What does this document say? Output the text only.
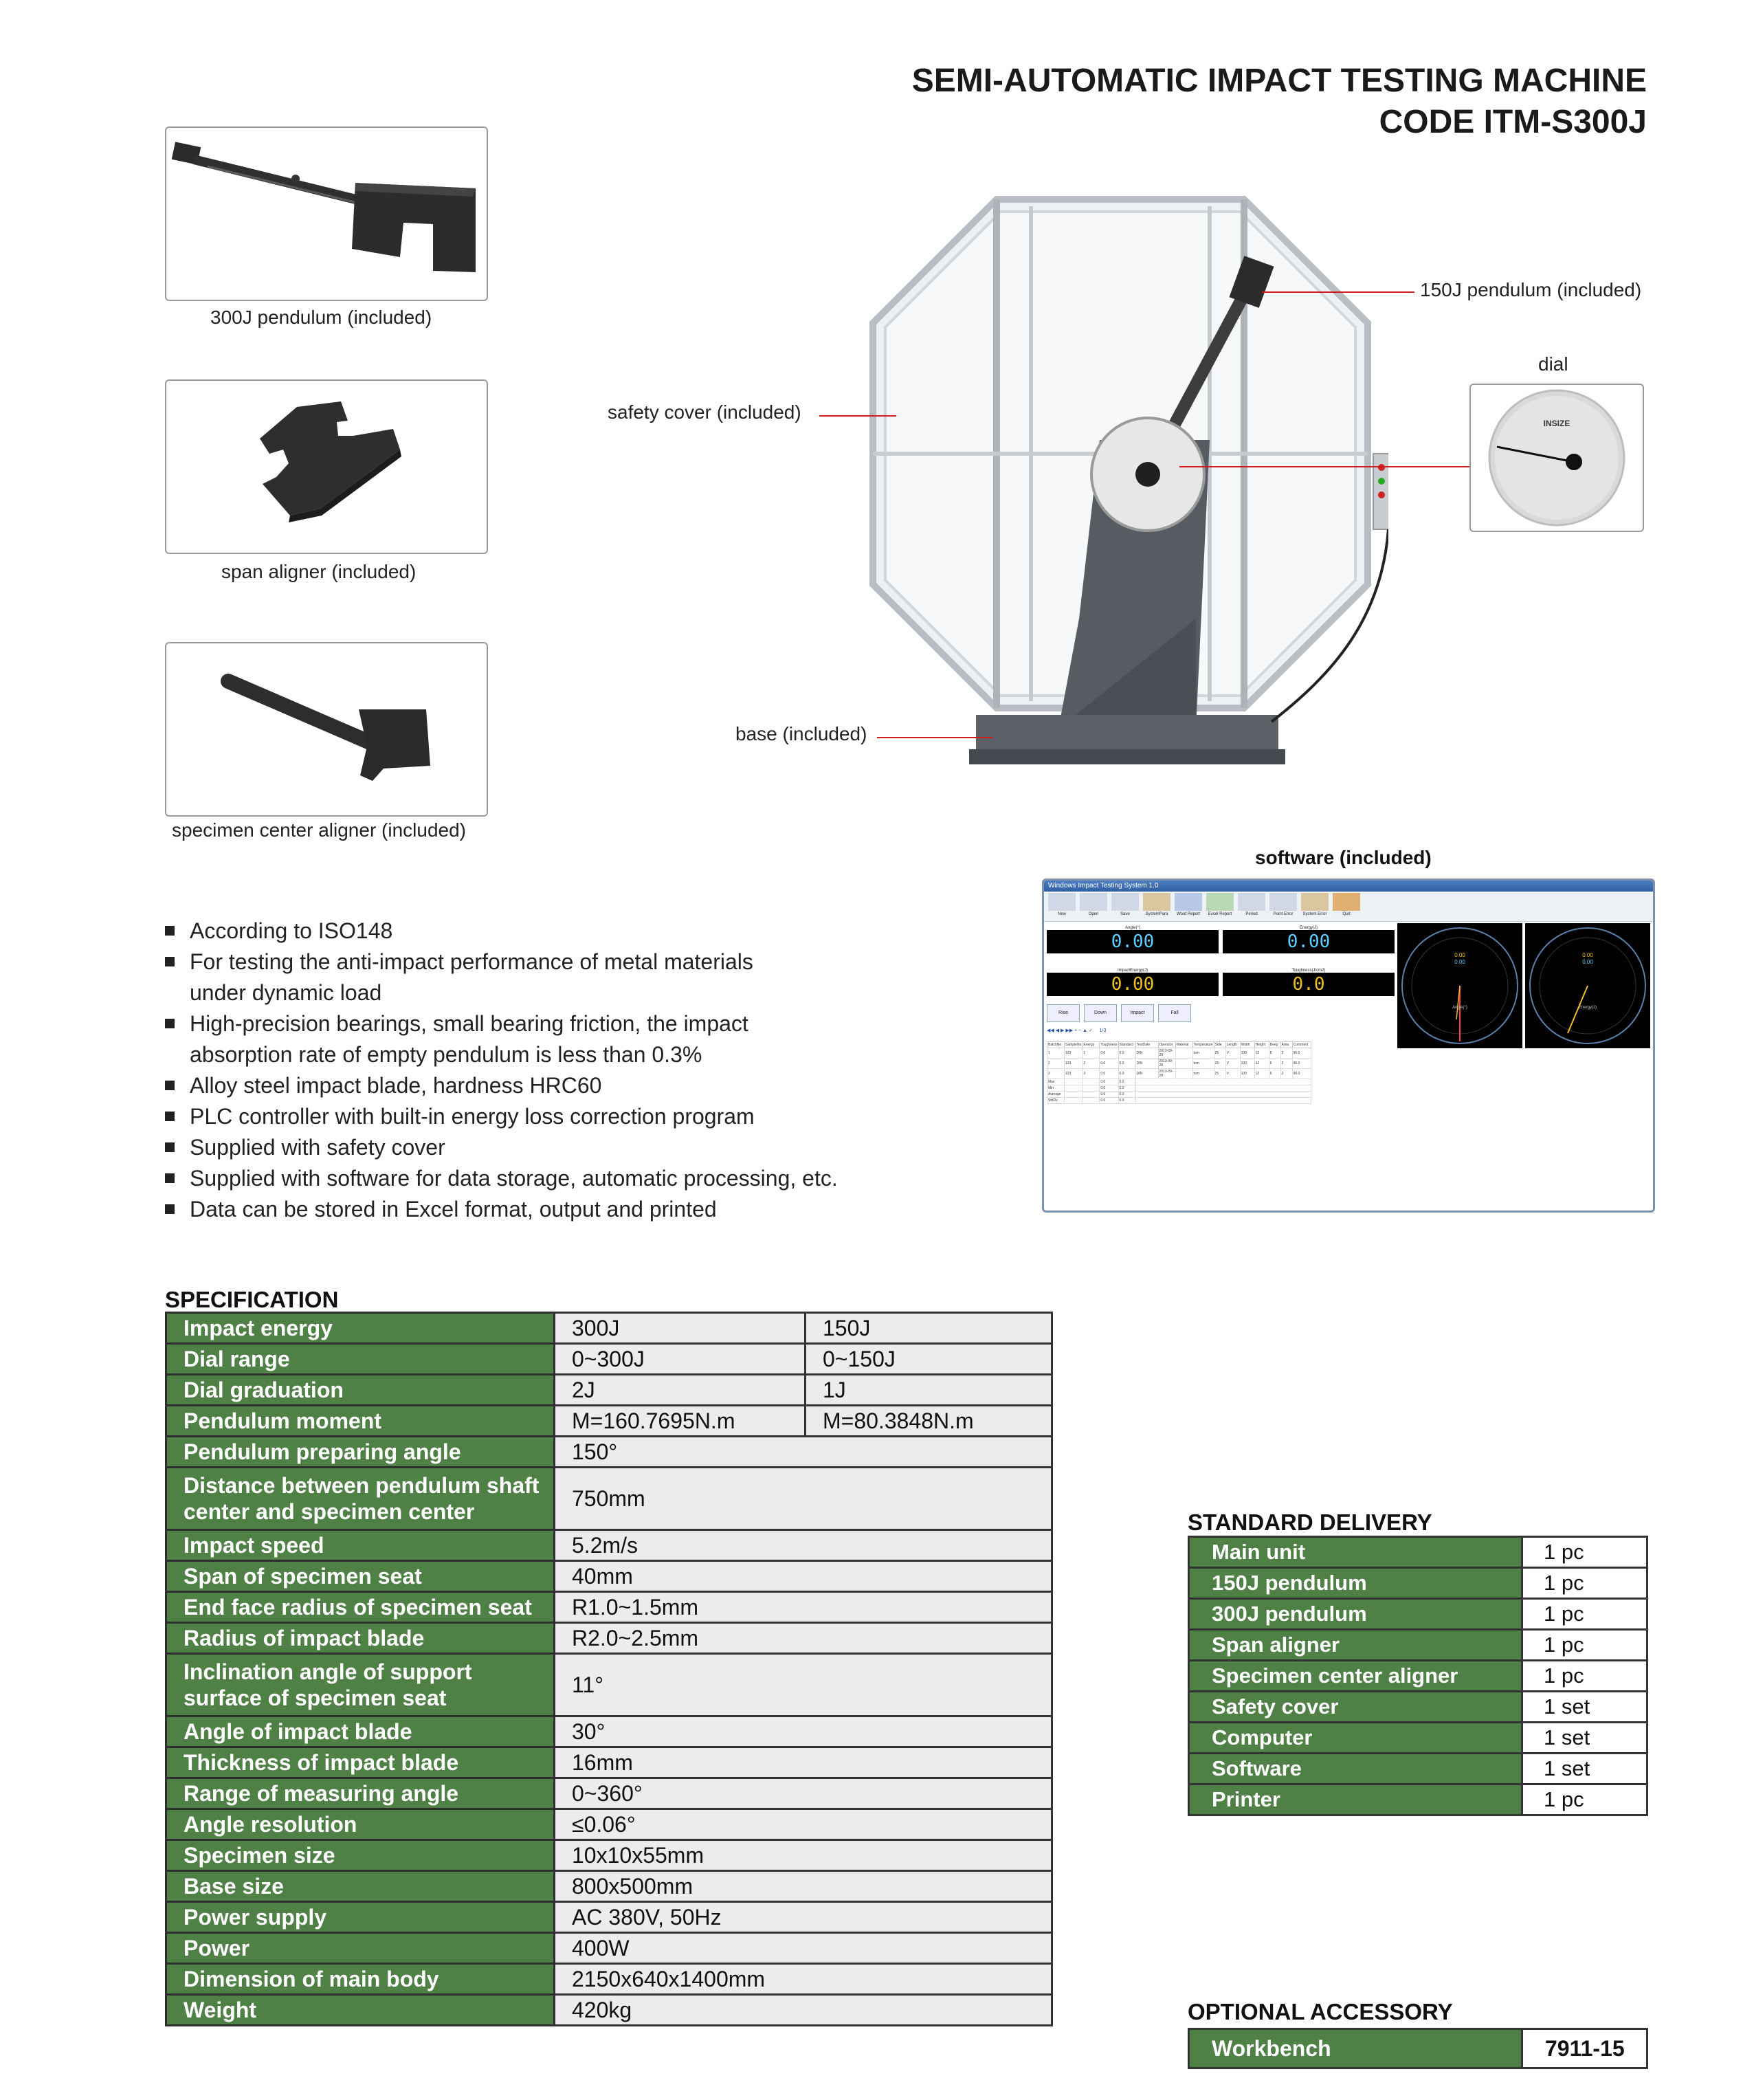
SEMI-AUTOMATIC IMPACT TESTING MACHINE
CODE ITM-S300J
300J pendulum (included)
span aligner (included)
specimen center aligner (included)
150J pendulum (included)
dial
safety cover (included)
base (included)
INSIZE
software (included)
Windows Impact Testing System 1.0
New	Open	Save	SystemPara	Word Report	Excel Report	Period	Point Error	System Error	Quit
Angle(°)
0.00
Energy(J)
0.00
ImpactEnergy(J)
0.00
Toughness(J/cm2)
0.0
Rise	Down	Impact	Fall
◀◀ ◀ ▶ ▶▶ + − ▲ ✓     1/3
BatchNo	SampleNo	Energy	Toughness	Standard	TestDate	Operator	Material	Temperature	Side	Length	Width	Height	Deep	Area	Comment
1	123	1	0.0	0.0	DIN	2013-09-28		tom	25	V	100	12	6	2	96.0
2	123	2	0.0	0.0	DIN	2013-09-28		tom	25	V	100	12	6	2	96.0
3	123	3	0.0	0.0	DIN	2013-09-28		tom	25	V	100	12	6	2	96.0
Max			0.0	0.0											
Min			0.0	0.0											
Average			0.0	0.0											
StdDv			0.0	0.0											
0.00
0.00
Angle(°)
0.00
0.00
Energy(J)
According to ISO148
For testing the anti-impact performance of metal materials under dynamic load
High-precision bearings, small bearing friction, the impact absorption rate of empty pendulum is less than 0.3%
Alloy steel impact blade, hardness HRC60
PLC controller with built-in energy loss correction program
Supplied with safety cover
Supplied with software for data storage, automatic processing, etc.
Data can be stored in Excel format, output and printed
SPECIFICATION
Impact energy	300J	150J
Dial range	0~300J	0~150J
Dial graduation	2J	1J
Pendulum moment	M=160.7695N.m	M=80.3848N.m
Pendulum preparing angle	150°	
Distance between pendulum shaft center and specimen center	750mm	
Impact speed	5.2m/s	
Span of specimen seat	40mm	
End face radius of specimen seat	R1.0~1.5mm	
Radius of impact blade	R2.0~2.5mm	
Inclination angle of support surface of specimen seat	11°	
Angle of impact blade	30°	
Thickness of impact blade	16mm	
Range of measuring angle	0~360°	
Angle resolution	≤0.06°	
Specimen size	10x10x55mm	
Base size	800x500mm	
Power supply	AC 380V, 50Hz	
Power	400W	
Dimension of main body	2150x640x1400mm	
Weight	420kg	
STANDARD DELIVERY
Main unit	1 pc
150J pendulum	1 pc
300J pendulum	1 pc
Span aligner	1 pc
Specimen center aligner	1 pc
Safety cover	1 set
Computer	1 set
Software	1 set
Printer	1 pc
OPTIONAL ACCESSORY
Workbench	7911-15
